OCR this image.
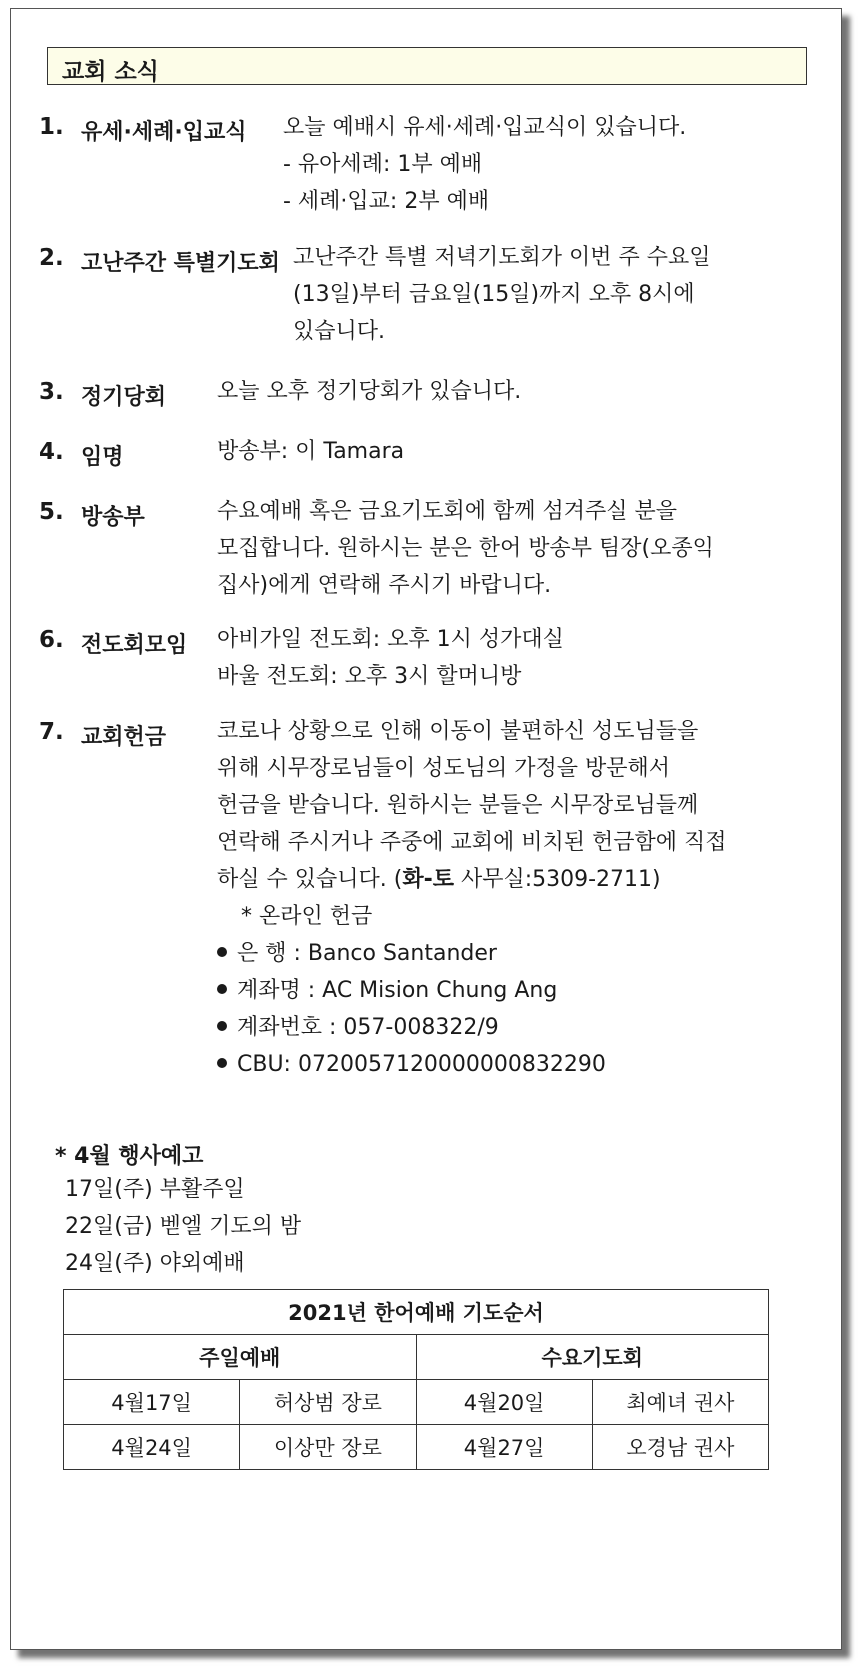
교회 소식
1. 유세·세례·입교식 오늘 예배시 유세·세례·입교식이 있습니다.
- 유아세례: 1부 예배
- 세례·입교: 2부 예배
2. 고난주간 특별기도회 고난주간 특별 저녁기도회가 이번 주 수요일
(13일)부터 금요일(15일)까지 오후 8시에
있습니다.
3. 정기당회 오늘 오후 정기당회가 있습니다.
4. 임명	방송부: 이 Tamara
5. 방송부	수요예배 혹은 금요기도회에 함께 섬겨주실 분을
모집합니다. 원하시는 분은 한어 방송부 팀장(오종익
집사)에게 연락해 주시기 바랍니다.
6. 전도회모임 아비가일 전도회: 오후 1시 성가대실
바울 전도회: 오후 3시 할머니방
7. 교회헌금 코로나 상황으로 인해 이동이 불편하신 성도님들을
위해 시무장로님들이 성도님의 가정을 방문해서
헌금을 받습니다. 원하시는 분들은 시무장로님들께
연락해 주시거나 주중에 교회에 비치된 헌금함에 직접
하실 수 있습니다. (화-토 사무실:5309-2711)
* 온라인 헌금
은 행 : Banco Santander
계좌명 : AC Mision Chung Ang
계좌번호 : 057-008322/9
CBU: 0720057120000000832290
* 4월 행사예고
17일(주) 부활주일
22일(금) 벧엘 기도의 밤
24일(주) 야외예배
2021년 한어예배 기도순서			
주일예배		수요기도회	
4월17일	허상범 장로	4월20일	최예녀 권사
4월24일	이상만 장로	4월27일	오경남 권사
